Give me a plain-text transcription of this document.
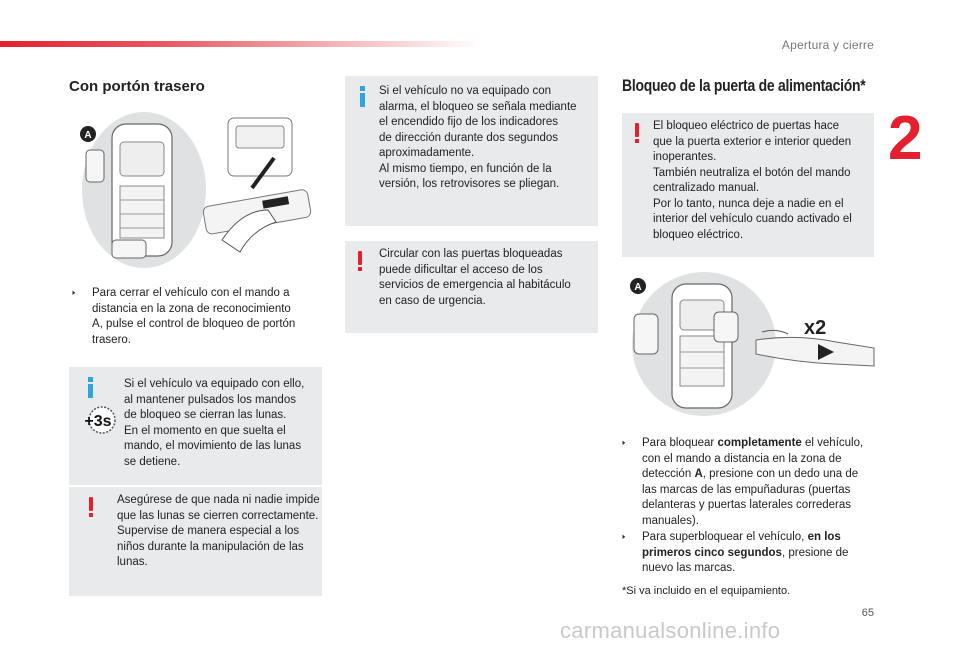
Apertura y cierre
2
65
Con portón trasero
A
🢒 Para cerrar el vehículo con el mando a
distancia en la zona de reconocimiento
A, pulse el control de bloqueo de portón
trasero.
+3s
Si el vehículo va equipado con ello,
al mantener pulsados los mandos
de bloqueo se cierran las lunas.
En el momento en que suelta el
mando, el movimiento de las lunas
se detiene.
Asegúrese de que nada ni nadie impide
que las lunas se cierren correctamente.
Supervise de manera especial a los
niños durante la manipulación de las
lunas.
Si el vehículo no va equipado con
alarma, el bloqueo se señala mediante
el encendido fijo de los indicadores
de dirección durante dos segundos
aproximadamente.
Al mismo tiempo, en función de la
versión, los retrovisores se pliegan.
Circular con las puertas bloqueadas
puede dificultar el acceso de los
servicios de emergencia al habitáculo
en caso de urgencia.
Bloqueo de la puerta de alimentación*
El bloqueo eléctrico de puertas hace
que la puerta exterior e interior queden
inoperantes.
También neutraliza el botón del mando
centralizado manual.
Por lo tanto, nunca deje a nadie en el
interior del vehículo cuando activado el
bloqueo eléctrico.
A
x2
🢒 Para bloquear completamente el vehículo,
con el mando a distancia en la zona de
detección A, presione con un dedo una de
las marcas de las empuñaduras (puertas
delanteras y puertas laterales correderas
manuales).
🢒 Para superbloquear el vehículo, en los
primeros cinco segundos, presione de
nuevo las marcas.
*Si va incluido en el equipamiento.
carmanualsonline.info
